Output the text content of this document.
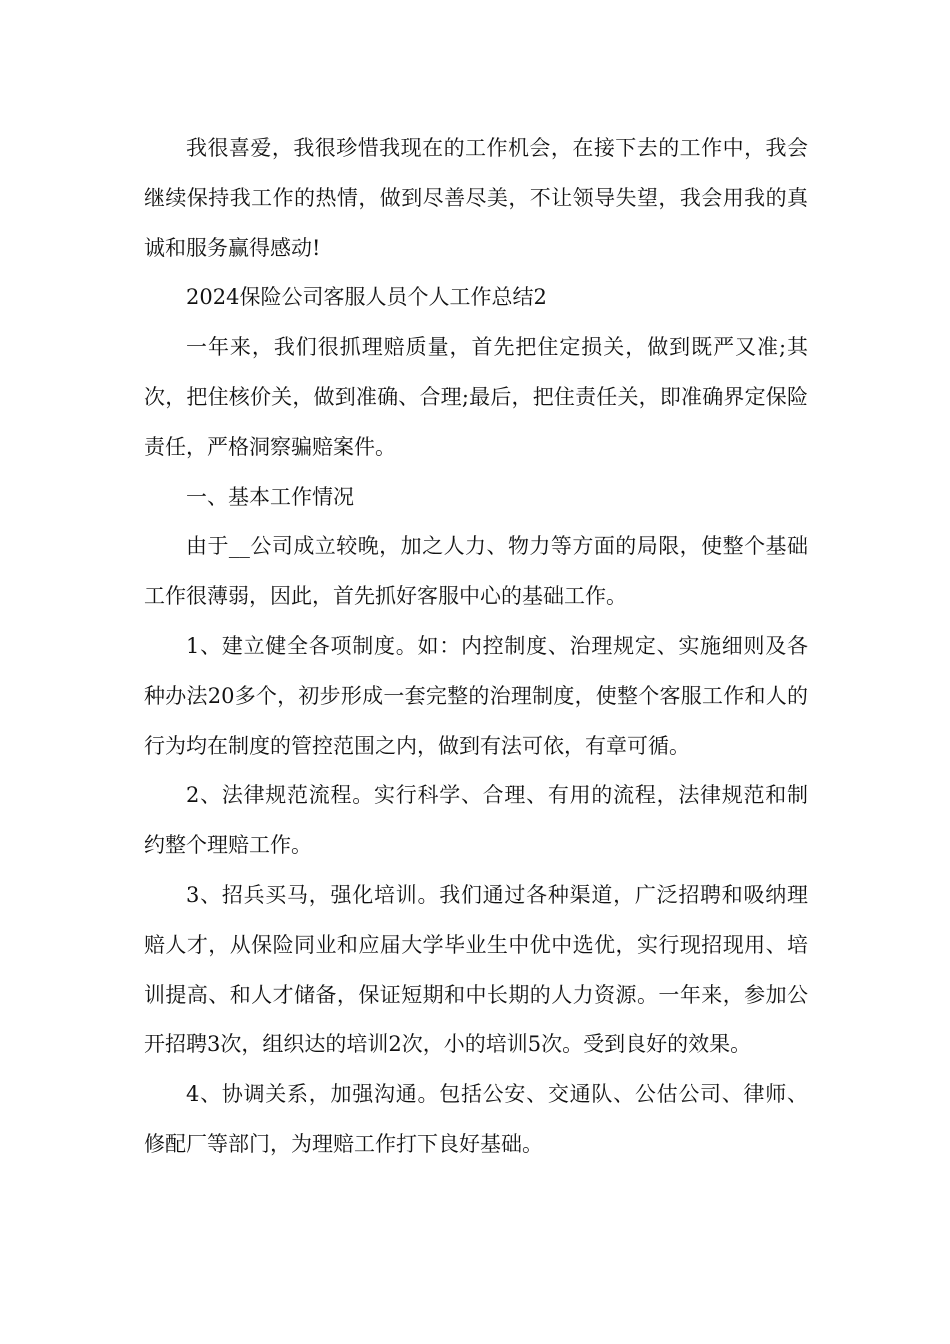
我很喜爱，我很珍惜我现在的工作机会，在接下去的工作中，我会继续保持我工作的热情，做到尽善尽美，不让领导失望，我会用我的真诚和服务赢得感动!

2024保险公司客服人员个人工作总结2

一年来，我们很抓理赔质量，首先把住定损关，做到既严又准;其次，把住核价关，做到准确、合理;最后，把住责任关，即准确界定保险责任，严格洞察骗赔案件。

一、基本工作情况

由于__公司成立较晚，加之人力、物力等方面的局限，使整个基础工作很薄弱，因此，首先抓好客服中心的基础工作。

1、建立健全各项制度。如：内控制度、治理规定、实施细则及各种办法20多个，初步形成一套完整的治理制度，使整个客服工作和人的行为均在制度的管控范围之内，做到有法可依，有章可循。

2、法律规范流程。实行科学、合理、有用的流程，法律规范和制约整个理赔工作。

3、招兵买马，强化培训。我们通过各种渠道，广泛招聘和吸纳理赔人才，从保险同业和应届大学毕业生中优中选优，实行现招现用、培训提高、和人才储备，保证短期和中长期的人力资源。一年来，参加公开招聘3次，组织达的培训2次，小的培训5次。受到良好的效果。

4、协调关系，加强沟通。包括公安、交通队、公估公司、律师、修配厂等部门，为理赔工作打下良好基础。
